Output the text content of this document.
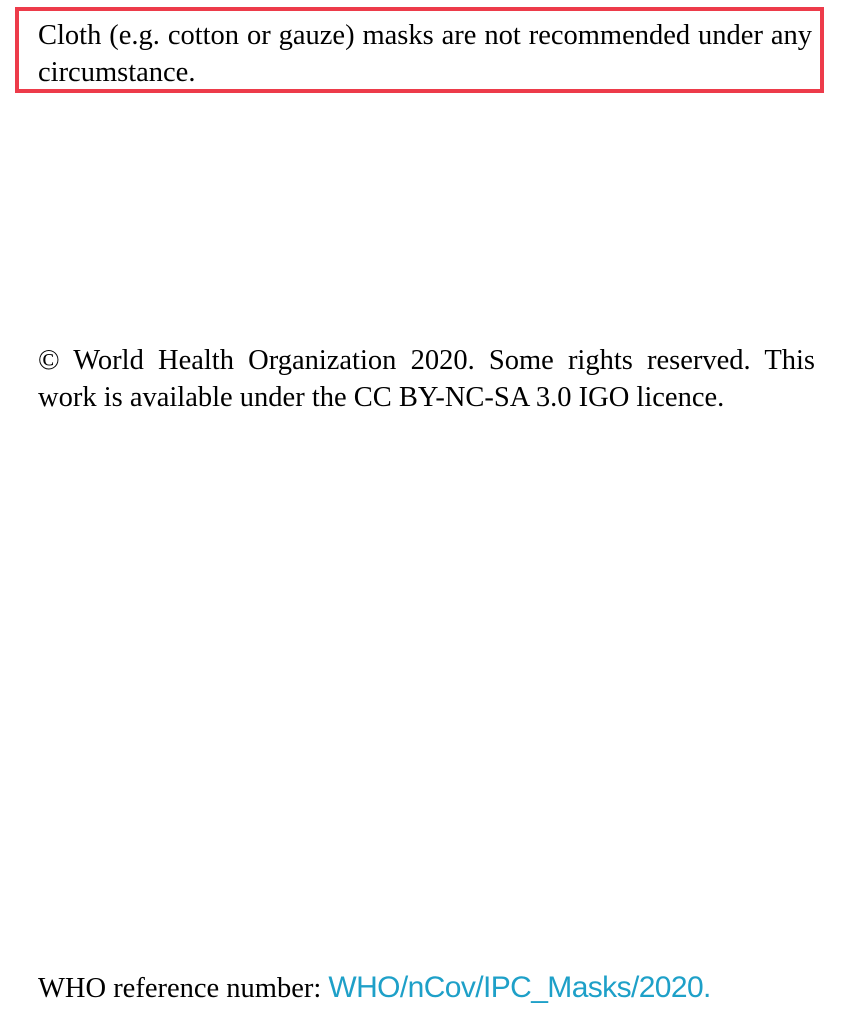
Cloth (e.g. cotton or gauze) masks are not recommended under any circumstance.

© World Health Organization 2020. Some rights reserved. This work is available under the CC BY-NC-SA 3.0 IGO licence.

WHO reference number: WHO/nCov/IPC_Masks/2020.
